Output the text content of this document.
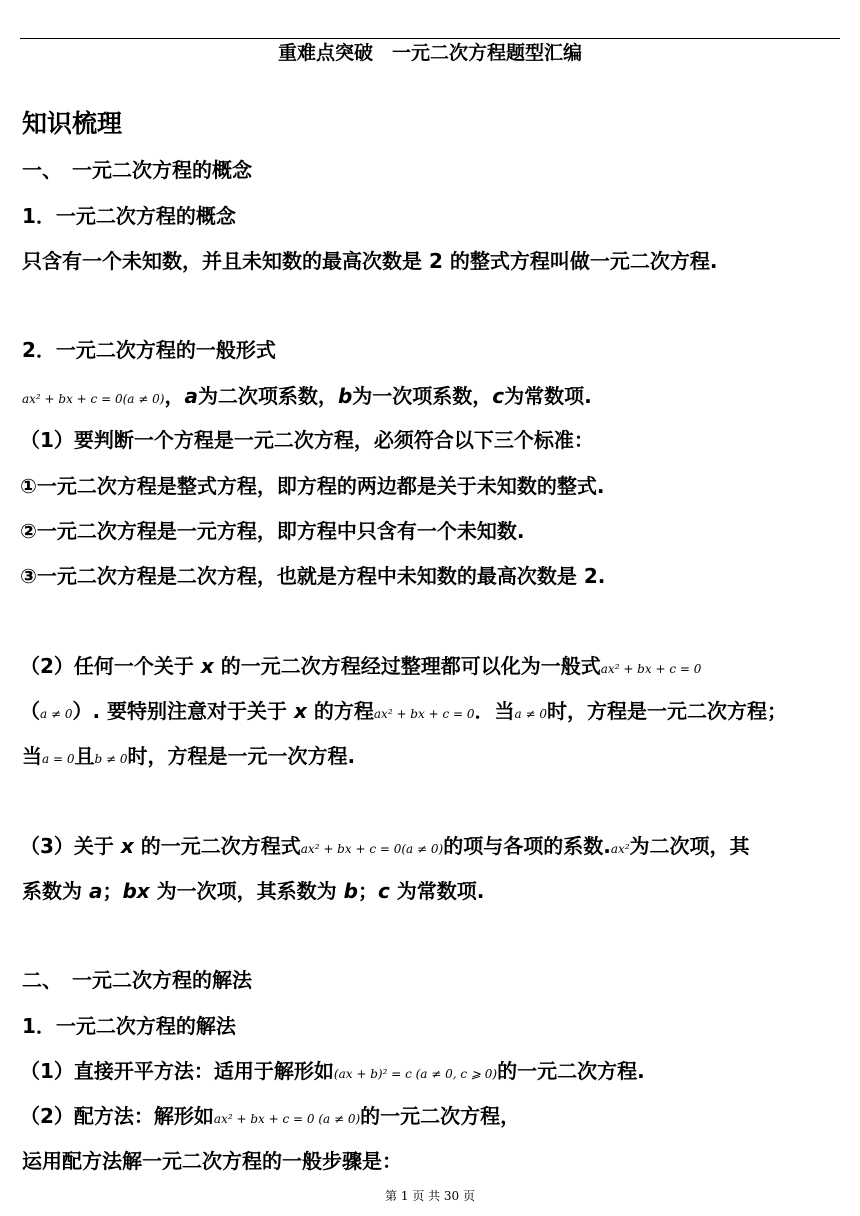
重难点突破　一元二次方程题型汇编
知识梳理
一、　一元二次方程的概念
1．一元二次方程的概念
只含有一个未知数，并且未知数的最高次数是 2 的整式方程叫做一元二次方程.
2．一元二次方程的一般形式
ax² + bx + c = 0(a ≠ 0)，a为二次项系数，b为一次项系数，c为常数项.
（1）要判断一个方程是一元二次方程，必须符合以下三个标准：
①一元二次方程是整式方程，即方程的两边都是关于未知数的整式.
②一元二次方程是一元方程，即方程中只含有一个未知数.
③一元二次方程是二次方程，也就是方程中未知数的最高次数是 2.
（2）任何一个关于 x 的一元二次方程经过整理都可以化为一般式ax² + bx + c = 0
（a ≠ 0）. 要特别注意对于关于 x 的方程ax² + bx + c = 0．当a ≠ 0时，方程是一元二次方程；
当a = 0且b ≠ 0时，方程是一元一次方程.
（3）关于 x 的一元二次方程式ax² + bx + c = 0(a ≠ 0)的项与各项的系数.ax²为二次项，其
系数为 a；bx 为一次项，其系数为 b；c 为常数项.
二、　一元二次方程的解法
1．一元二次方程的解法
（1）直接开平方法：适用于解形如(ax + b)² = c (a ≠ 0, c ⩾ 0)的一元二次方程.
（2）配方法：解形如ax² + bx + c = 0 (a ≠ 0)的一元二次方程，
运用配方法解一元二次方程的一般步骤是：
第 1 页 共 30 页
